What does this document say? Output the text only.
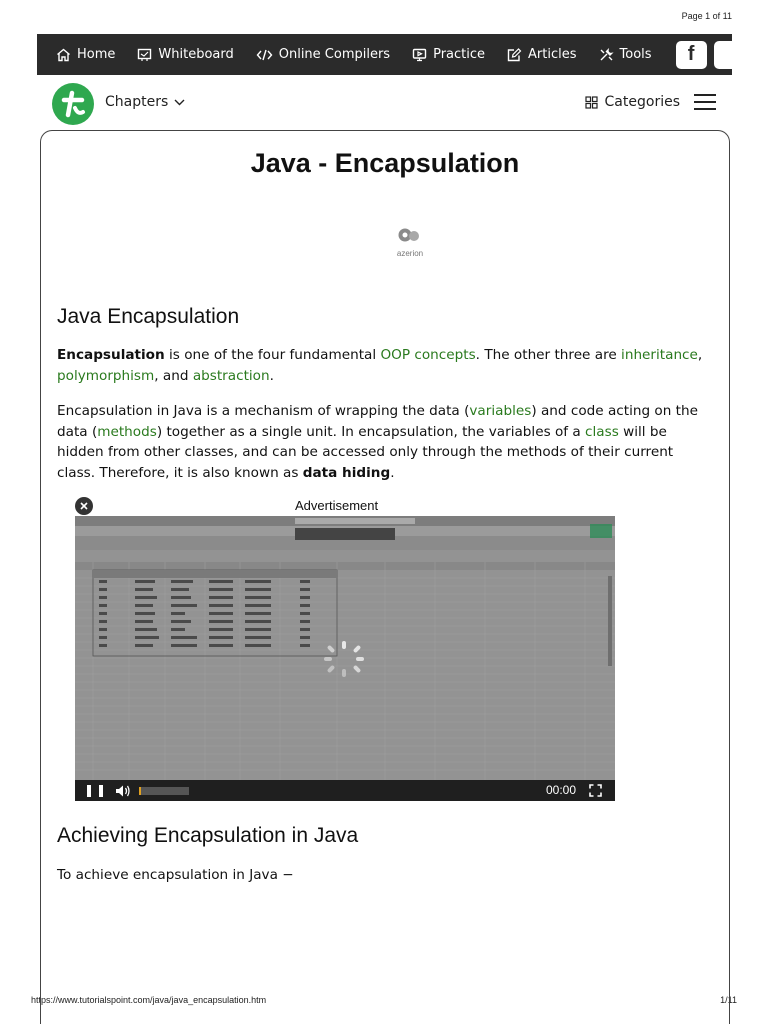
Page 1 of 11
https://www.tutorialspoint.com/java/java_encapsulation.htm	1/11
Home	Whiteboard	Online Compilers	Practice	Articles	Tools f
Chapters	Categories
Java - Encapsulation
azerion
Java Encapsulation

Encapsulation is one of the four fundamental OOP concepts. The other three are inheritance, polymorphism, and abstraction.

Encapsulation in Java is a mechanism of wrapping the data (variables) and code acting on the data (methods) together as a single unit. In encapsulation, the variables of a class will be hidden from other classes, and can be accessed only through the methods of their current class. Therefore, it is also known as data hiding.

Advertisement
00:00
Achieving Encapsulation in Java

To achieve encapsulation in Java −
